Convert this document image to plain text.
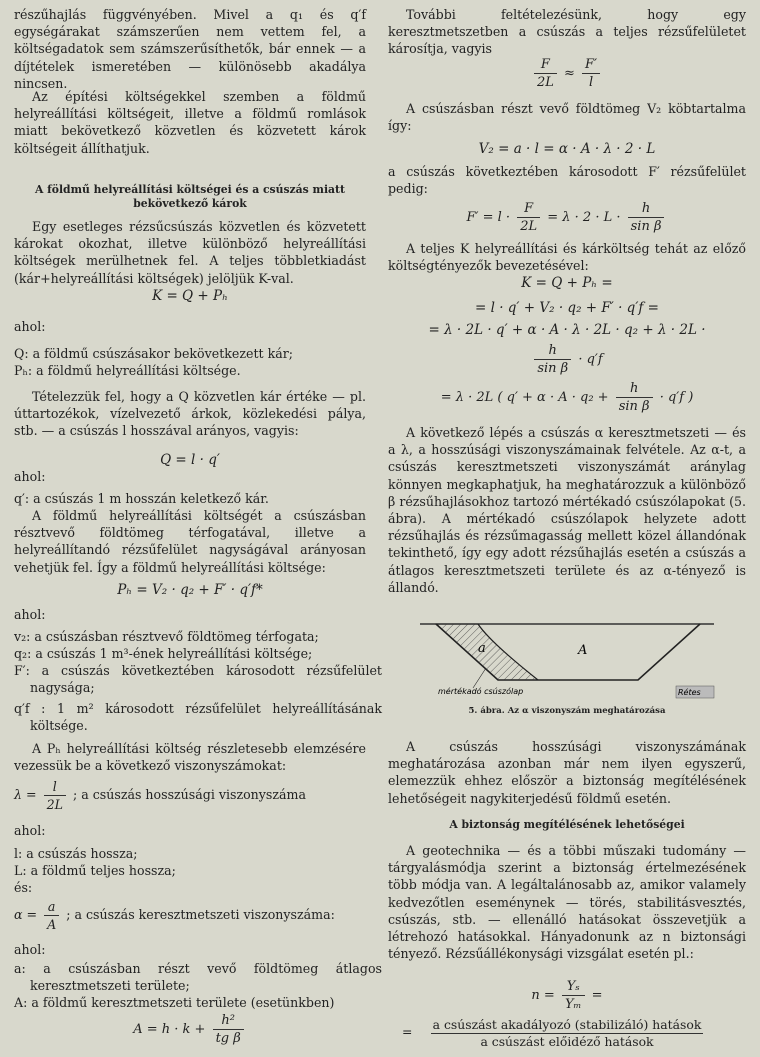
részűhajlás függvényében. Mivel a q₁ és q′f egységárakat számszerűen nem vettem fel, a költségadatok sem számszerűsíthetők, bár ennek — a díjtételek ismeretében — különösebb akadálya nincsen.

Az építési költségekkel szemben a földmű helyreállítási költségeit, illetve a földmű romlások miatt bekövetkező közvetlen és közvetett károk költségeit állíthatjuk.

A földmű helyreállítási költségei és a csúszás miatt bekövetkező károk

Egy esetleges rézsűcsúszás közvetlen és közvetett károkat okozhat, illetve különböző helyreállítási költségek merülhetnek fel. A teljes többletkiadást (kár+helyreállítási költségek) jelöljük K-val.

K = Q + Pₕ

ahol:

Q: a földmű csúszásakor bekövetkezett kár;

Pₕ: a földmű helyreállítási költsége.

Tételezzük fel, hogy a Q közvetlen kár értéke — pl. úttartozékok, vízelvezető árkok, közlekedési pálya, stb. — a csúszás l hosszával arányos, vagyis:

Q = l · q′

ahol:

q′: a csúszás 1 m hosszán keletkező kár.

A földmű helyreállítási költségét a csúszásban résztvevő földtömeg térfogatával, illetve a helyreállítandó rézsűfelület nagyságával arányosan vehetjük fel. Így a földmű helyreállítási költsége:

Pₕ = V₂ · q₂ + F′ · q′f*

ahol:

v₂: a csúszásban résztvevő földtömeg térfogata;

q₂: a csúszás 1 m³-ének helyreállítási költsége;

F′: a csúszás következtében károsodott rézsűfelület nagysága;

q′f : 1 m² károsodott rézsűfelület helyreállításának költsége.

A Pₕ helyreállítási költség részletesebb elemzésére vezessük be a következő viszonyszámokat:

$\lambda = \frac{l}{2L}$ ; a csúszás hosszúsági viszonyszáma

ahol:

l: a csúszás hossza;

L: a földmű teljes hossza;

és:

$\alpha = \frac{a}{A}$ ; a csúszás keresztmetszeti viszonyszáma:

ahol:

a: a csúszásban részt vevő földtömeg átlagos keresztmetszeti területe;

A: a földmű keresztmetszeti területe (esetünkben)

$A = h \cdot k + \frac{\text{h²}}{\text{tg β}}$

További feltételezésünk, hogy egy keresztmetszetben a csúszás a teljes rézsűfelületet károsítja, vagyis

$\frac{F}{2L} \approx \frac{F'}{l}$

A csúszásban részt vevő földtömeg V₂ köbtartalma így:

V₂ = a · l = α · A · λ · 2 · L

a csúszás következtében károsodott F′ rézsűfelület pedig:

$F' = l \cdot \frac{F}{2L} = \lambda \cdot 2 \cdot L \cdot \frac{h}{\text{sin β}}$

A teljes K helyreállítási és kárköltség tehát az előző költségtényezők bevezetésével:

K = Q + Pₕ =

= l · q′ + V₂ · q₂ + F′ · q′f =

= λ · 2L · q′ + α · A · λ · 2L · q₂ + λ · 2L ·

$\frac{h}{\text{sin β}} \cdot q'f$
= λ · 2L ( $q' + \alpha \cdot A \cdot q_2 + \frac{h}{\text{sin β}} \cdot q'f$ )

A következő lépés a csúszás α keresztmetszeti — és a λ, a hosszúsági viszonyszámainak felvétele. Az α-t, a csúszás keresztmetszeti viszonyszámát aránylag könnyen megkaphatjuk, ha meghatározzuk a különböző β rézsűhajlásokhoz tartozó mértékadó csúszólapokat (5. ábra). A mértékadó csúszólapok helyzete adott rézsűhajlás és rézsűmagasság mellett közel állandónak tekinthető, így egy adott rézsűhajlás esetén a csúszás a átlagos keresztmetszeti területe és az α-tényező is állandó.

a	A
mértékadó csúszólap	Rétes

5. ábra. Az α viszonyszám meghatározása

A csúszás hosszúsági viszonyszámának meghatározása azonban már nem ilyen egyszerű, elemezzük ehhez először a biztonság megítélésének lehetőségeit nagykiterjedésű földmű esetén.

A biztonság megítélésének lehetőségei

A geotechnika — és a többi műszaki tudomány — tárgyalásmódja szerint a biztonság értelmezésének több módja van. A legáltalánosabb az, amikor valamely kedvezőtlen eseménynek — törés, stabilitásvesztés, csúszás, stb. — ellenálló hatásokat összevetjük a létrehozó hatásokkal. Hányadonunk az n biztonsági tényező. Rézsűállékonysági vizsgálat esetén pl.:

$n = \frac{\text{Yₛ}}{\text{Yₘ}}$ =
= a csúszást akadályozó (stabilizáló) hatások
a csúszást előidéző hatások
